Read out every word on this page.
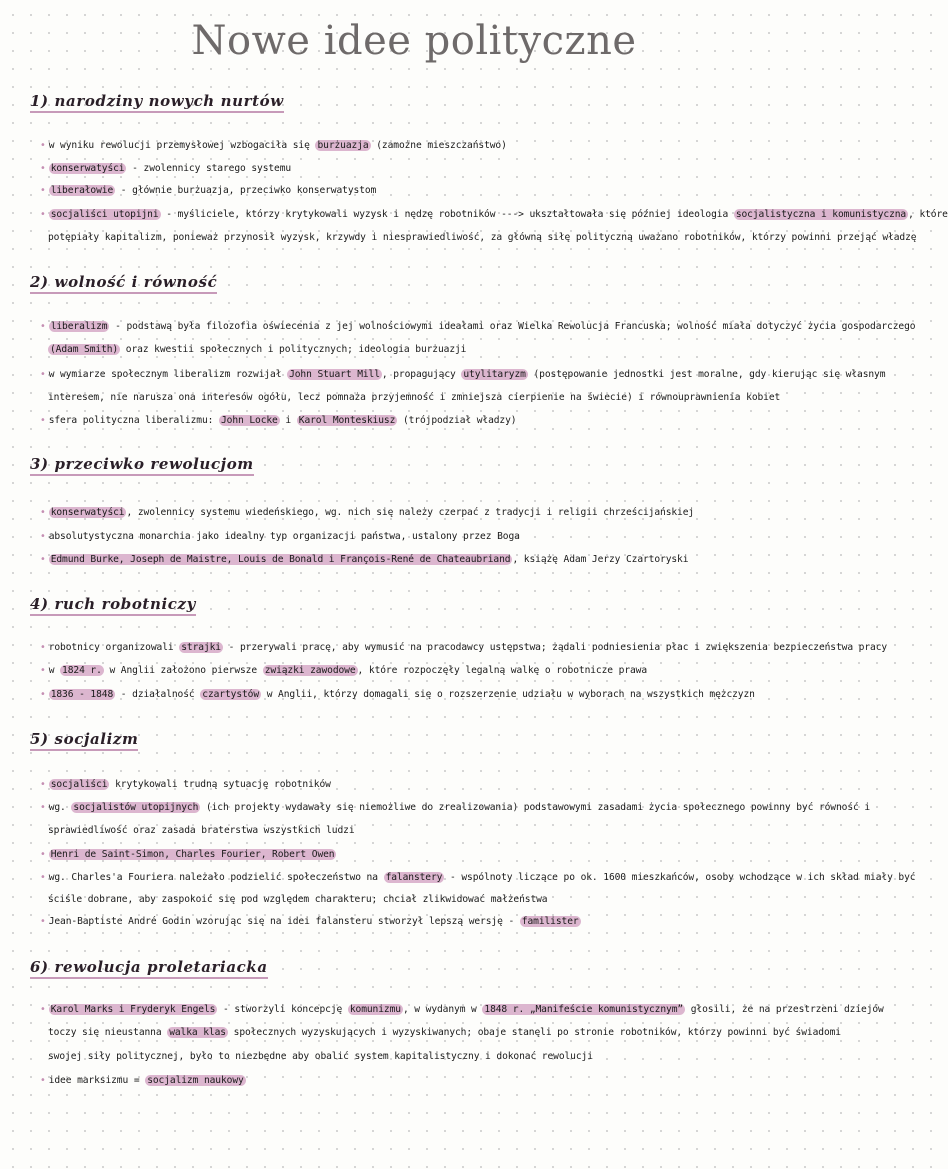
Nowe idee polityczne
1) narodziny nowych nurtów
• w wyniku rewolucji przemysłowej wzbogaciła się burżuazja (zamożne mieszczaństwo)
• konserwatyści - zwolennicy starego systemu
• liberałowie - głównie burżuazja, przeciwko konserwatystom
• socjaliści utopijni - myśliciele, którzy krytykowali wyzysk i nędzę robotników ---> ukształtowała się później ideologia socjalistyczna i komunistyczna , które
potępiały kapitalizm, ponieważ przynosił wyzysk, krzywdy i niesprawiedliwość, za główną siłę polityczną uważano robotników, którzy powinni przejąć władzę
2) wolność i równość
• liberalizm - podstawą była filozofia oświecenia z jej wolnościowymi ideałami oraz Wielka Rewolucja Francuska; wolność miała dotyczyć życia gospodarczego
(Adam Smith) oraz kwestii społecznych i politycznych; ideologia burżuazji
• w wymiarze społecznym liberalizm rozwijał John Stuart Mill , propagujący utylitaryzm (postępowanie jednostki jest moralne, gdy kierując się własnym
interesem, nie narusza ona interesów ogółu, lecz pomnaża przyjemność i zmniejsza cierpienie na świecie) i równouprawnienia kobiet
• sfera polityczna liberalizmu: John Locke i Karol Monteskiusz (trójpodział władzy)
3) przeciwko rewolucjom
• konserwatyści , zwolennicy systemu wiedeńskiego, wg. nich się należy czerpać z tradycji i religii chrześcijańskiej
• absolutystyczna monarchia jako idealny typ organizacji państwa, ustalony przez Boga
• Edmund Burke, Joseph de Maistre, Louis de Bonald i François-René de Chateaubriand , książę Adam Jerzy Czartoryski
4) ruch robotniczy
• robotnicy organizowali strajki - przerywali pracę, aby wymusić na pracodawcy ustępstwa; żądali podniesienia płac i zwiększenia bezpieczeństwa pracy
• w 1824 r. w Anglii założono pierwsze związki zawodowe , które rozpoczęły legalną walkę o robotnicze prawa
• 1836 - 1848 - działalność czartystów w Anglii, którzy domagali się o rozszerzenie udziału w wyborach na wszystkich mężczyzn
5) socjalizm
• socjaliści krytykowali trudną sytuację robotników
• wg. socjalistów utopijnych (ich projekty wydawały się niemożliwe do zrealizowania) podstawowymi zasadami życia społecznego powinny być równość i
sprawiedliwość oraz zasada braterstwa wszystkich ludzi
• Henri de Saint-Simon, Charles Fourier, Robert Owen
• wg. Charles'a Fouriera należało podzielić społeczeństwo na falanstery - wspólnoty liczące po ok. 1600 mieszkańców, osoby wchodzące w ich skład miały być
ściśle dobrane, aby zaspokoić się pod względem charakteru; chciał zlikwidować małżeństwa
• Jean-Baptiste André Godin wzorując się na idei falansteru stworzył lepszą wersję - familister
6) rewolucja proletariacka
• Karol Marks i Fryderyk Engels - stworzyli koncepcję komunizmu , w wydanym w 1848 r. „Manifeście komunistycznym” głosili, że na przestrzeni dziejów
toczy się nieustanna walka klas społecznych wyzyskujących i wyzyskiwanych; obaje stanęli po stronie robotników, którzy powinni być świadomi
swojej siły politycznej, było to niezbędne aby obalić system kapitalistyczny i dokonać rewolucji
• idee marksizmu = socjalizm naukowy
